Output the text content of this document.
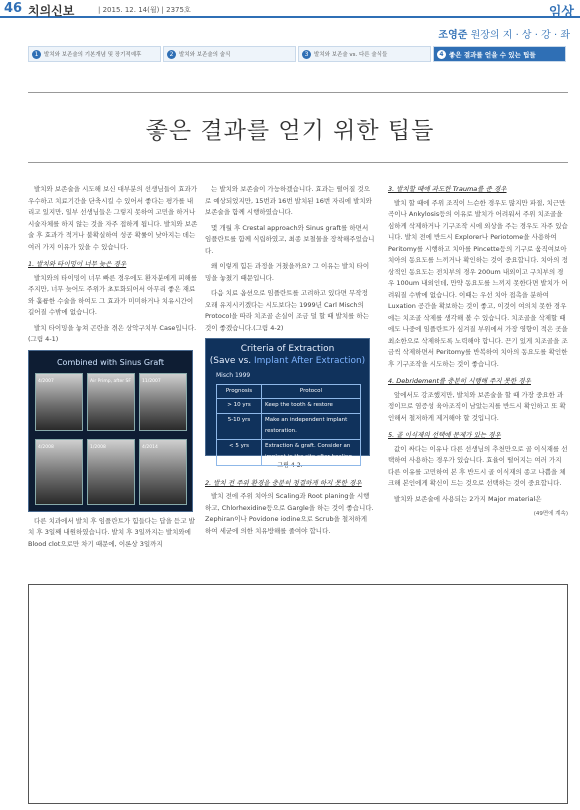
46 치의신보	| 2015. 12. 14(월) | 2375호	임상
조영준 원장의 지 · 상 · 강 · 좌
1	발치와 보존술의 기본개념 및 장기적예후	2	발치와 보존술의 술식	3	발치와 보존술 vs. 다른 술식들	4 좋은 결과를 얻을 수 있는 팁들
좋은 결과를 얻기 위한 팁들

발치와 보존술을 시도해 보신 대부분의 선생님들이 효과가 우수하고 치료기간을 단축시킬 수 있어서 좋다는 평가를 내리고 있지만, 일부 선생님들은 그렇지 못하여 고민을 하거나 시술자체를 하지 않는 것을 자주 접하게 됩니다. 발치와 보존술 후 효과가 적거나 불확실하여 성공 확률이 낮아지는 데는 여러 가지 이유가 있을 수 있습니다.

1. 발치와 타이밍이 너무 늦은 경우

발치와의 타이밍이 너무 빠른 경우에도 환자분에게 피해를 주지만, 너무 늦어도 주위가 초토화되어서 아무리 좋은 재료와 훌륭한 수술을 하여도 그 효과가 미미하거나 치유시간이 길어질 수밖에 없습니다.

발치 타이밍을 놓쳐 곤란을 겪은 상악구치부 Case입니다.(그림 4-1)

Combined with Sinus Graft
4/2007	Air Primp, after SF 11/2007
4/2008	1/2008	4/2014

다른 치과에서 발치 후 임플란트가 힘들다는 답을 듣고 발치 후 3일째 내원하였습니다. 발치 후 3일까지는 발치와에 Blood clot으로만 차기 때문에, 이론상 3일까지

는 발치와 보존술이 가능하겠습니다. 효과는 떨어질 것으로 예상되었지만, 15번과 16번 발치된 16번 자리에 발치와 보존술을 함께 시행하였습니다.

몇 개월 후 Crestal approach와 Sinus graft를 하면서 임플란트를 함께 식립하였고, 최종 보철물을 장착해주었습니다.

왜 이렇게 힘든 과정을 거쳤을까요? 그 이유는 발치 타이밍을 놓쳤기 때문입니다.

다음 치료 옵션으로 임플란트를 고려하고 있다면 무작정 오래 유지시키겠다는 시도보다는 1999년 Carl Misch의 Protocol을 따라 치조골 손실이 조금 덜 할 때 발치를 하는 것이 좋겠습니다.(그림 4-2)

Criteria of Extraction
(Save vs. Implant After Extraction)
Misch 1999
Prognosis	Protocol
> 10 yrs	Keep the tooth & restore
5-10 yrs	Make an independent implant restoration.
< 5 yrs	Extraction & graft. Consider an implant in the site after healing
그림 4-2.
2. 발치 전 주위 환경을 충분히 청결하게 하지 못한 경우

발치 전에 주위 치아의 Scaling과 Root planing을 시행하고, Chlorhexidine등으로 Gargle을 하는 것이 좋습니다. Zephiran이나 Povidone iodine으로 Scrub을 철저하게 하여 세균에 의한 치유방해를 줄여야 합니다.

3. 발치할 때에 과도한 Trauma를 준 경우

발치 할 때에 주위 조직이 느슨한 경우도 많지만 파절, 치근만곡이나 Ankylosis등의 이유로 발치가 어려워서 주위 치조골을 심하게 삭제하거나 기구조작 시에 외상을 주는 경우도 자주 있습니다. 발치 전에 반드시 Explorer나 Periotome을 사용하여 Peritomy를 시행하고 치아를 Pincette등의 기구로 움직여보아 치아의 동요도를 느끼거나 확인하는 것이 중요합니다. 치아의 정상적인 동요도는 전치부의 경우 200um 내외이고 구치부의 경우 100um 내외인데, 만약 동요도를 느끼지 못한다면 발치가 어려워질 수밖에 없습니다. 이때는 우선 치아 접촉을 분하여 Luxation 공간을 확보하는 것이 좋고, 이것이 여의치 못한 경우에는 치조골 삭제를 생각해 볼 수 있습니다. 치조골을 삭제할 때에도 나중에 임플란트가 심겨질 부위에서 가장 영향이 적은 곳을 최소한으로 삭제하도록 노력해야 합니다. 끈기 있게 치조골을 조금씩 삭제하면서 Peritomy를 반복하여 치아의 동요도를 확인한 후 기구조작을 시도하는 것이 좋습니다.

4. Debridement를 충분히 시행해 주지 못한 경우

앞에서도 강조했지만, 발치와 보존술을 할 때 가장 중요한 과정이므로 염증성 육아조직이 남았는지를 반드시 확인하고 또 확인해서 철저하게 제거해야 할 것입니다.

5. 골 이식재의 선택에 문제가 있는 경우

값이 싸다는 이유나 다른 선생님의 추천만으로 골 이식재를 선택하여 사용하는 경우가 있습니다. 효율이 떨어지는 여러 가지 다른 이유를 고민하여 본 후 반드시 골 이식재의 종고 나쁨을 체크해 본인에게 확신이 드는 것으로 선택하는 것이 중요합니다.

발치와 보존술에 사용되는 2가지 Major material은

(49면에 계속)
